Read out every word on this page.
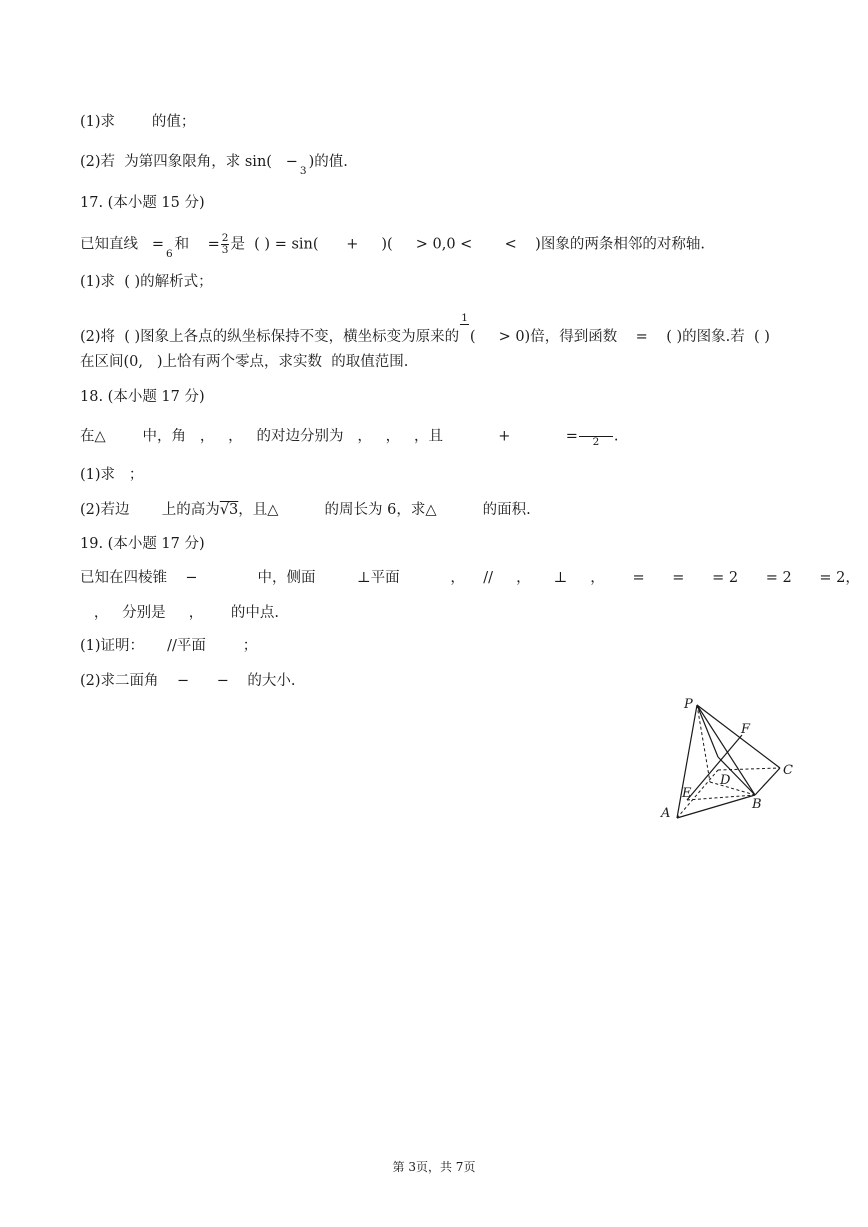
(1)求        的值；
(2)若  为第四象限角，求 sin(   −

3
)的值.
17. (本小题 15 分)
已知直线   =

6
和    = $\frac{2}{3}$ 是  ( ) = sin(      +     )(     > 0,0 <       <    )图象的两条相邻的对称轴.
(1)求  ( )的解析式；
(2)将  ( )图象上各点的纵坐标保持不变，横坐标变为原来的
1

(     > 0)倍，得到函数    =    ( )的图象.若  ( )
在区间(0,   )上恰有两个零点，求实数  的取值范围.
18. (本小题 17 分)
在△        中，角   ，   ，   的对边分别为   ，   ，   ，且            +            =
	2	.
(1)求   ；
(2)若边       上的高为√3，且△          的周长为 6，求△          的面积.
19. (本小题 17 分)
已知在四棱锥    −             中，侧面         ⊥平面           ，    //     ，     ⊥     ，      =      =      = 2      = 2      = 2，
，   分别是     ，      的中点.
(1)证明：     //平面        ；
(2)求二面角    −      −    的大小.
P
F
C
D
E
B
A
第 3页，共 7页
